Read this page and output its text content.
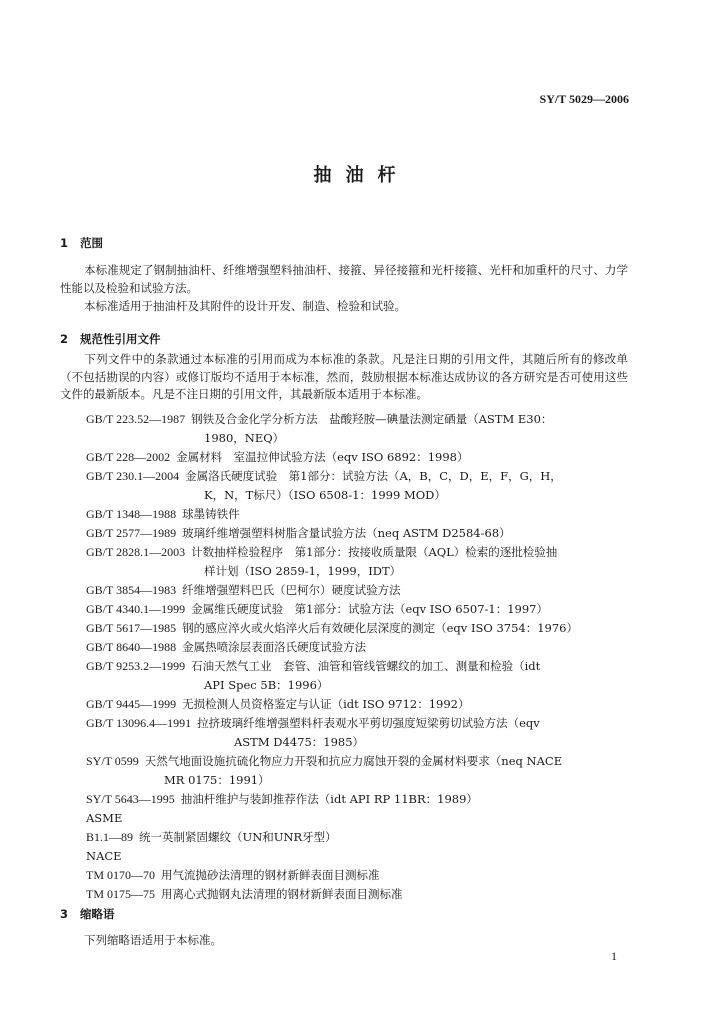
SY/T 5029—2006
抽油杆
1 范围
本标准规定了钢制抽油杆、纤维增强塑料抽油杆、接箍、异径接箍和光杆接箍、光杆和加重杆的尺寸、力学性能以及检验和试验方法。
本标准适用于抽油杆及其附件的设计开发、制造、检验和试验。
2 规范性引用文件
下列文件中的条款通过本标准的引用而成为本标准的条款。凡是注日期的引用文件，其随后所有的修改单（不包括勘误的内容）或修订版均不适用于本标准，然而，鼓励根据本标准达成协议的各方研究是否可使用这些文件的最新版本。凡是不注日期的引用文件，其最新版本适用于本标准。
GB/T 223.52—1987 钢铁及合金化学分析方法　盐酸羟胺—碘量法测定硒量（ASTM E30：
1980，NEQ）
GB/T 228—2002 金属材料　室温拉伸试验方法（eqv ISO 6892：1998）
GB/T 230.1—2004 金属洛氏硬度试验　第1部分：试验方法（A，B，C，D，E，F，G，H，
K，N，T标尺）（ISO 6508-1：1999 MOD）
GB/T 1348—1988 球墨铸铁件
GB/T 2577—1989 玻璃纤维增强塑料树脂含量试验方法（neq ASTM D2584-68）
GB/T 2828.1—2003 计数抽样检验程序　第1部分：按接收质量限（AQL）检索的逐批检验抽
样计划（ISO 2859-1，1999，IDT）
GB/T 3854—1983 纤维增强塑料巴氏（巴柯尔）硬度试验方法
GB/T 4340.1—1999 金属维氏硬度试验　第1部分：试验方法（eqv ISO 6507-1：1997）
GB/T 5617—1985 钢的感应淬火或火焰淬火后有效硬化层深度的测定（eqv ISO 3754：1976）
GB/T 8640—1988 金属热喷涂层表面洛氏硬度试验方法
GB/T 9253.2—1999 石油天然气工业　套管、油管和管线管螺纹的加工、测量和检验（idt
API Spec 5B：1996）
GB/T 9445—1999 无损检测人员资格鉴定与认证（idt ISO 9712：1992）
GB/T 13096.4—1991 拉挤玻璃纤维增强塑料杆表观水平剪切强度短梁剪切试验方法（eqv
ASTM D4475：1985）
SY/T 0599 天然气地面设施抗硫化物应力开裂和抗应力腐蚀开裂的金属材料要求（neq NACE
MR 0175：1991）
SY/T 5643—1995 抽油杆维护与装卸推荐作法（idt API RP 11BR：1989）
ASME
B1.1—89 统一英制紧固螺纹（UN和UNR牙型）
NACE
TM 0170—70 用气流抛砂法清理的钢材新鲜表面目测标准
TM 0175—75 用离心式抛钢丸法清理的钢材新鲜表面目测标准
3 缩略语
下列缩略语适用于本标准。
1
